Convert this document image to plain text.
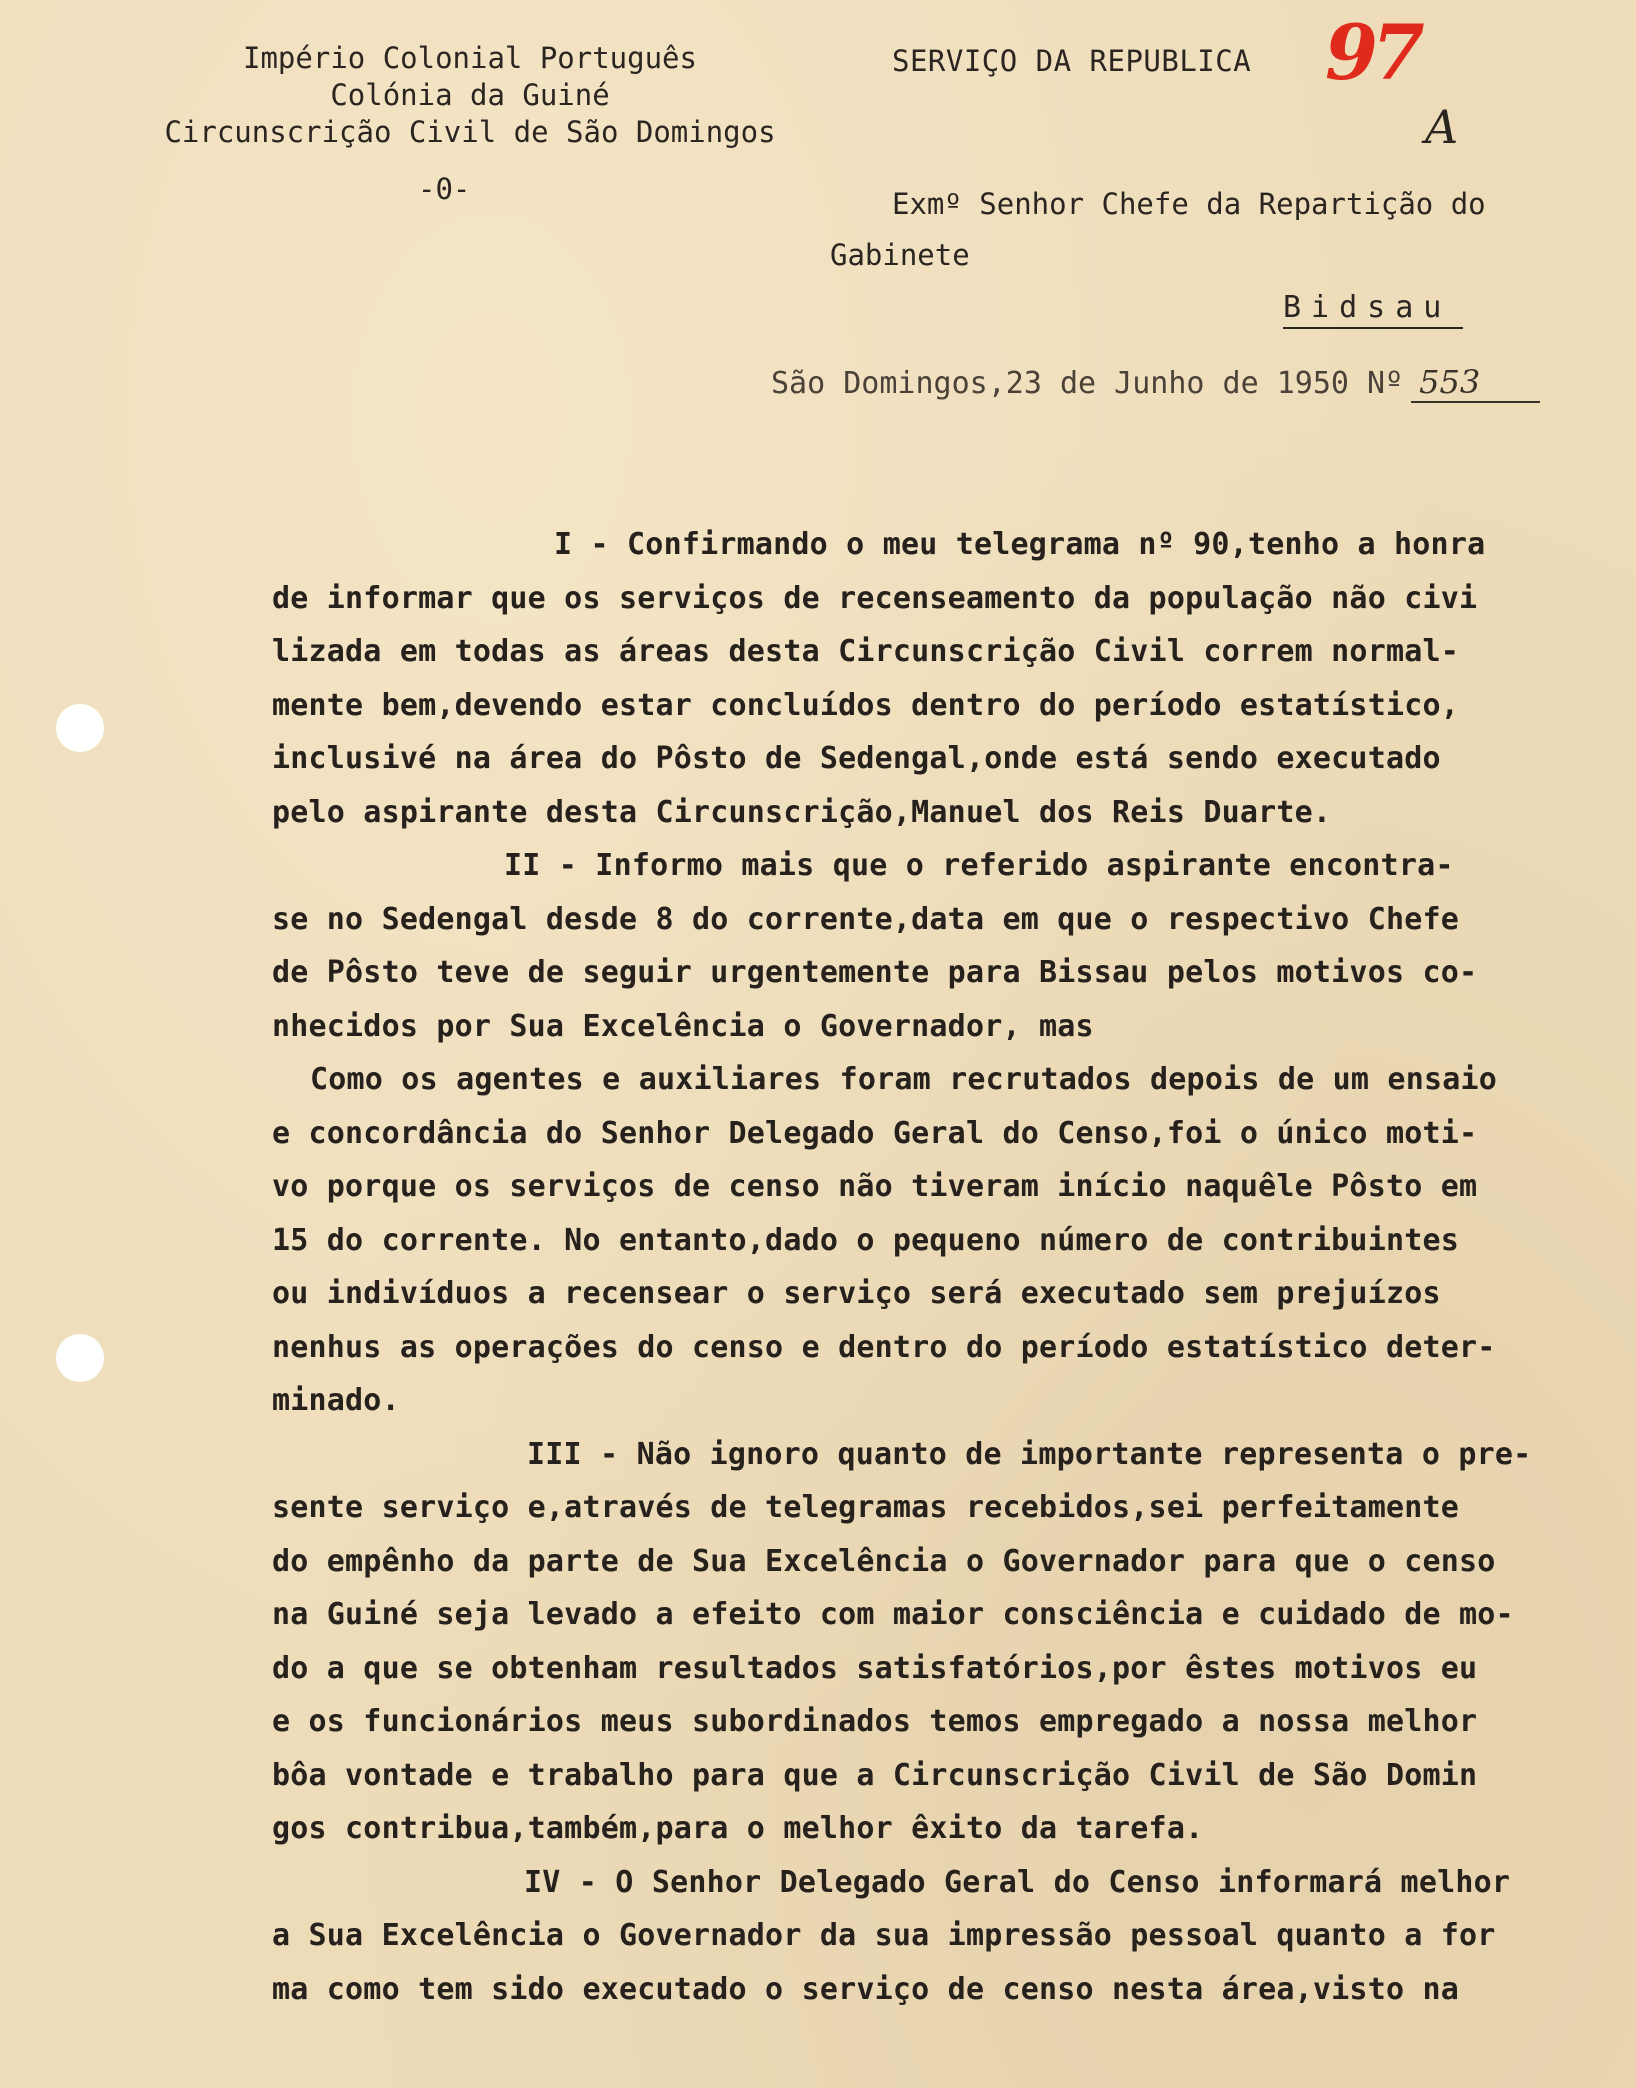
Império Colonial Português
Colónia da Guiné
Circunscrição Civil de São Domingos
-0-
SERVIÇO DA REPUBLICA 97
A
Exmº Senhor Chefe da Repartição do
Gabinete
Bidsau
São Domingos,23 de Junho de 1950 Nº 553
I - Confirmando o meu telegrama nº 90,tenho a honra
de informar que os serviços de recenseamento da população não civi
lizada em todas as áreas desta Circunscrição Civil correm normal-
mente bem,devendo estar concluídos dentro do período estatístico,
inclusivé na área do Pôsto de Sedengal,onde está sendo executado
pelo aspirante desta Circunscrição,Manuel dos Reis Duarte.
II - Informo mais que o referido aspirante encontra-
se no Sedengal desde 8 do corrente,data em que o respectivo Chefe
de Pôsto teve de seguir urgentemente para Bissau pelos motivos co-
nhecidos por Sua Excelência o Governador, mas
Como os agentes e auxiliares foram recrutados depois de um ensaio
e concordância do Senhor Delegado Geral do Censo,foi o único moti-
vo porque os serviços de censo não tiveram início naquêle Pôsto em
15 do corrente. No entanto,dado o pequeno número de contribuintes
ou indivíduos a recensear o serviço será executado sem prejuízos
nenhus as operações do censo e dentro do período estatístico deter-
minado.
III - Não ignoro quanto de importante representa o pre-
sente serviço e,através de telegramas recebidos,sei perfeitamente
do empênho da parte de Sua Excelência o Governador para que o censo
na Guiné seja levado a efeito com maior consciência e cuidado de mo-
do a que se obtenham resultados satisfatórios,por êstes motivos eu
e os funcionários meus subordinados temos empregado a nossa melhor
bôa vontade e trabalho para que a Circunscrição Civil de São Domin
gos contribua,também,para o melhor êxito da tarefa.
IV - O Senhor Delegado Geral do Censo informará melhor
a Sua Excelência o Governador da sua impressão pessoal quanto a for
ma como tem sido executado o serviço de censo nesta área,visto na
